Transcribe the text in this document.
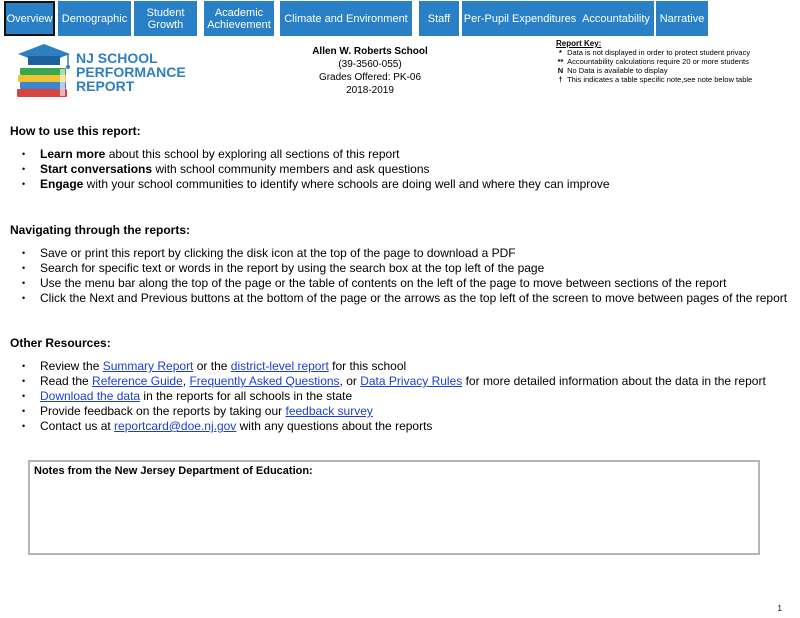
Overview Demographic	Student
Growth
Academic
Achievement	Climate and Environment	Staff	Per-Pupil Expenditures Accountability Narrative
NJ SCHOOL
PERFORMANCE
REPORT
Allen W. Roberts School
(39-3560-055)
Grades Offered: PK-06
2018-2019
Report Key:
*
Data is not displayed in order to protect student privacy
**
Accountability calculations require 20 or more students
N
No Data is available to display
†
This indicates a table specific note,see note below table
How to use this report:
• Learn more about this school by exploring all sections of this report
• Start conversations with school community members and ask questions
• Engage with your school communities to identify where schools are doing well and where they can improve
Navigating through the reports:
• Save or print this report by clicking the disk icon at the top of the page to download a PDF
• Search for specific text or words in the report by using the search box at the top left of the page
• Use the menu bar along the top of the page or the table of contents on the left of the page to move between sections of the report
• Click the Next and Previous buttons at the bottom of the page or the arrows as the top left of the screen to move between pages of the report
Other Resources:
• Review the Summary Report or the district-level report for this school
• Read the Reference Guide, Frequently Asked Questions, or Data Privacy Rules for more detailed information about the data in the report
• Download the data in the reports for all schools in the state
• Provide feedback on the reports by taking our feedback survey
• Contact us at reportcard@doe.nj.gov with any questions about the reports
Notes from the New Jersey Department of Education:
1
